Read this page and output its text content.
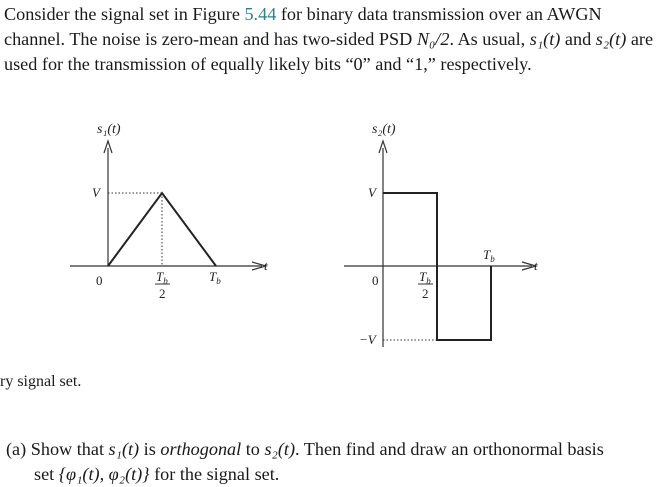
Consider the signal set in Figure 5.44 for binary data transmission over an AWGN channel. The noise is zero-mean and has two-sided PSD N₀/2. As usual, s₁(t) and s₂(t) are used for the transmission of equally likely bits “0” and “1,” respectively.
s₁(t)
V
0	$T_b$
2
$T_b$
t
s₂(t)
V
0	$T_b$
2
$T_b$
−V
t
ry signal set.
(a) Show that s₁(t) is orthogonal to s₂(t). Then find and draw an orthonormal basis
set {φ₁(t), φ₂(t)} for the signal set.
